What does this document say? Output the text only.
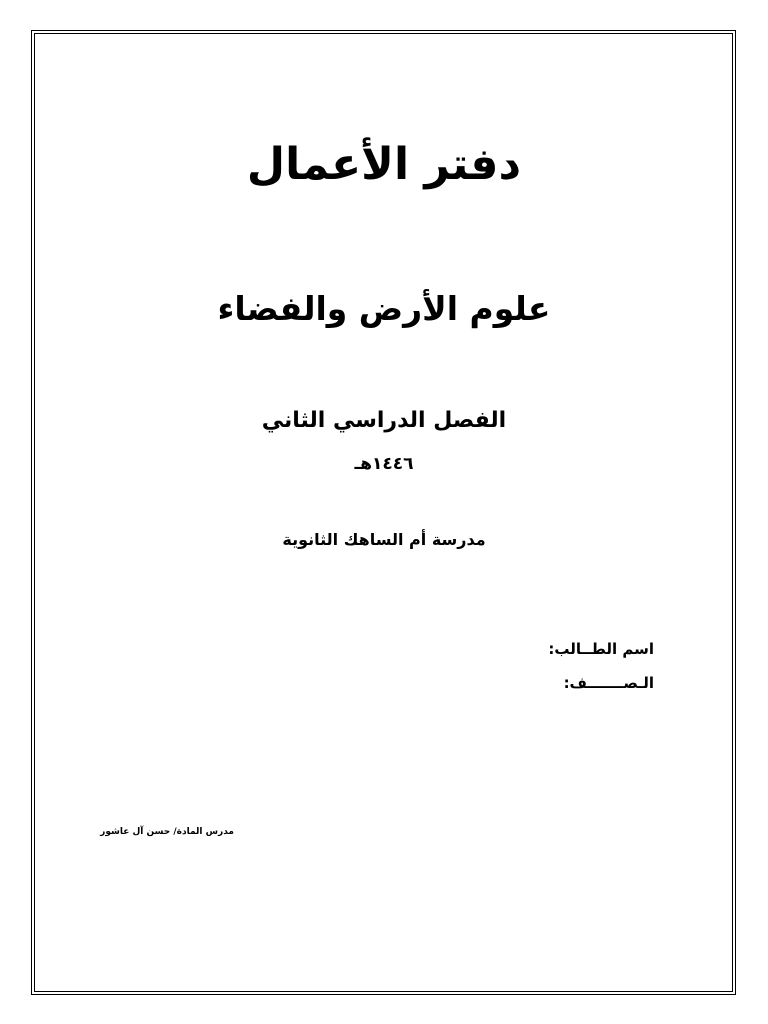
دفتر الأعمال
علوم الأرض والفضاء
الفصل الدراسي الثاني
١٤٤٦هـ
مدرسة أم الساهك الثانوية
اسم الطــالب:
الـصـــــــف:
مدرس المادة/ حسن آل عاشور
